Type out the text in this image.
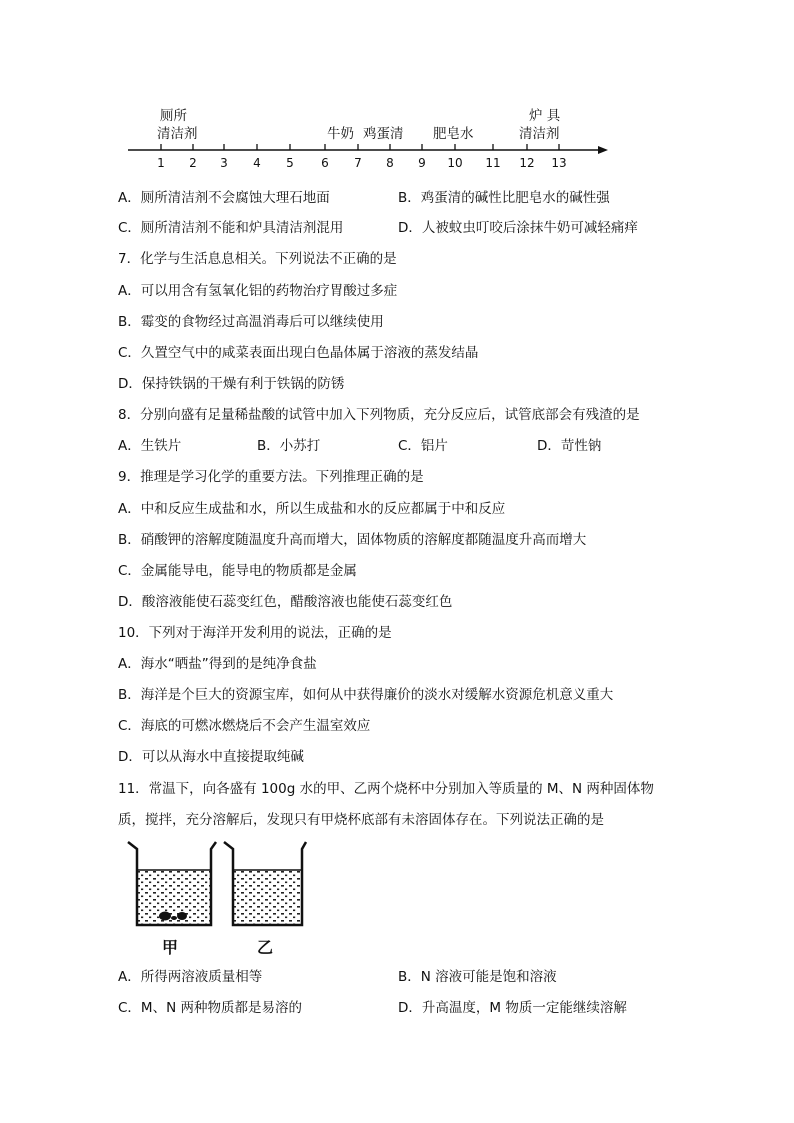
1 2 3 4 5 6 7 8 9 10 11 12 13
厕所
清洁剂	牛奶 鸡蛋清 肥皂水
炉 具
清洁剂
A．厕所清洁剂不会腐蚀大理石地面	B．鸡蛋清的碱性比肥皂水的碱性强
C．厕所清洁剂不能和炉具清洁剂混用	D．人被蚊虫叮咬后涂抹牛奶可减轻痛痒
7．化学与生活息息相关。下列说法不正确的是
A．可以用含有氢氧化铝的药物治疗胃酸过多症
B．霉变的食物经过高温消毒后可以继续使用
C．久置空气中的咸菜表面出现白色晶体属于溶液的蒸发结晶
D．保持铁锅的干燥有利于铁锅的防锈
8．分别向盛有足量稀盐酸的试管中加入下列物质，充分反应后，试管底部会有残渣的是
A．生铁片	B．小苏打	C．铝片	D．苛性钠
9．推理是学习化学的重要方法。下列推理正确的是
A．中和反应生成盐和水，所以生成盐和水的反应都属于中和反应
B．硝酸钾的溶解度随温度升高而增大，固体物质的溶解度都随温度升高而增大
C．金属能导电，能导电的物质都是金属
D．酸溶液能使石蕊变红色，醋酸溶液也能使石蕊变红色
10．下列对于海洋开发利用的说法，正确的是
A．海水“晒盐”得到的是纯净食盐
B．海洋是个巨大的资源宝库，如何从中获得廉价的淡水对缓解水资源危机意义重大
C．海底的可燃冰燃烧后不会产生温室效应
D．可以从海水中直接提取纯碱
11．常温下，向各盛有 100g 水的甲、乙两个烧杯中分别加入等质量的 M、N 两种固体物
质，搅拌，充分溶解后，发现只有甲烧杯底部有未溶固体存在。下列说法正确的是
甲	乙
A．所得两溶液质量相等	B．N 溶液可能是饱和溶液
C．M、N 两种物质都是易溶的	D．升高温度，M 物质一定能继续溶解
